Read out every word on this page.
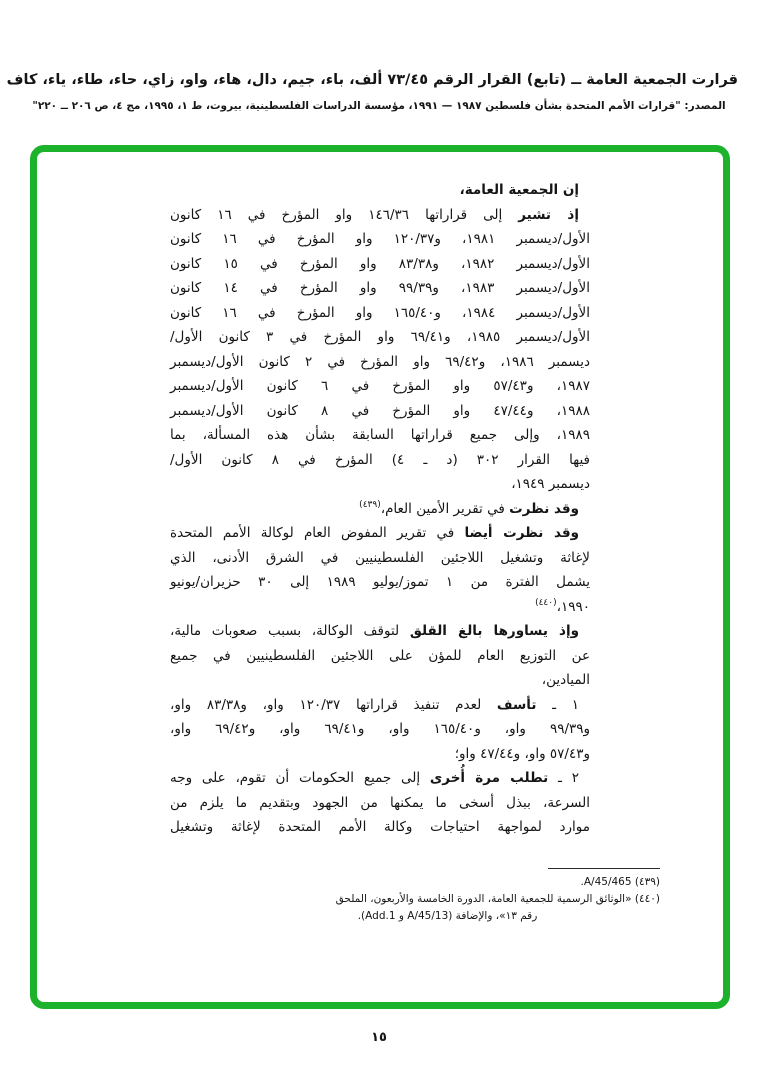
قرارت الجمعية العامة ــ (تابع) القرار الرقم ٧٣/٤٥ ألف، باء، جيم، دال، هاء، واو، زاي، حاء، طاء، ياء، كاف
المصدر: "قرارات الأمم المتحدة بشأن فلسطين ١٩٨٧ — ١٩٩١، مؤسسة الدراسات الفلسطينية، بيروت، ط ١، ١٩٩٥، مج ٤، ص ٢٠٦ ــ ٢٢٠"
إن الجمعية العامة،
إذ تشير إلى قراراتها ١٤٦/٣٦ واو المؤرخ في ١٦ كانون
الأول/ديسمبر ١٩٨١، و١٢٠/٣٧ واو المؤرخ في ١٦ كانون
الأول/ديسمبر ١٩٨٢، و٨٣/٣٨ واو المؤرخ في ١٥ كانون
الأول/ديسمبر ١٩٨٣، و٩٩/٣٩ واو المؤرخ في ١٤ كانون
الأول/ديسمبر ١٩٨٤، و١٦٥/٤٠ واو المؤرخ في ١٦ كانون
الأول/ديسمبر ١٩٨٥، و٦٩/٤١ واو المؤرخ في ٣ كانون الأول/
ديسمبر ١٩٨٦، و٦٩/٤٢ واو المؤرخ في ٢ كانون الأول/ديسمبر
١٩٨٧، و٥٧/٤٣ واو المؤرخ في ٦ كانون الأول/ديسمبر
١٩٨٨، و٤٧/٤٤ واو المؤرخ في ٨ كانون الأول/ديسمبر
١٩٨٩، وإلى جميع قراراتها السابقة بشأن هذه المسألة، بما
فيها القرار ٣٠٢ (د ـ ٤) المؤرخ في ٨ كانون الأول/
ديسمبر ١٩٤٩،
وقد نظرت في تقرير الأمين العام،$^{(٤٣٩)}$
وقد نظرت أيضا في تقرير المفوض العام لوكالة الأمم المتحدة
لإغاثة وتشغيل اللاجئين الفلسطينيين في الشرق الأدنى، الذي
يشمل الفترة من ١ تموز/يوليو ١٩٨٩ إلى ٣٠ حزيران/يونيو
١٩٩٠،$^{(٤٤٠)}$
وإذ يساورها بالغ القلق لتوقف الوكالة، بسبب صعوبات مالية،
عن التوزيع العام للمؤن على اللاجئين الفلسطينيين في جميع
الميادين،
١ ـ تأسف لعدم تنفيذ قراراتها ١٢٠/٣٧ واو، و٨٣/٣٨ واو،
و٩٩/٣٩ واو، و١٦٥/٤٠ واو، و٦٩/٤١ واو، و٦٩/٤٢ واو،
و٥٧/٤٣ واو، و٤٧/٤٤ واو؛
٢ ـ تطلب مرة أُخرى إلى جميع الحكومات أن تقوم، على وجه
السرعة، ببذل أسخى ما يمكنها من الجهود وبتقديم ما يلزم من
موارد لمواجهة احتياجات وكالة الأمم المتحدة لإغاثة وتشغيل
(٤٣٩) A/45/465.
(٤٤٠) «الوثائق الرسمية للجمعية العامة، الدورة الخامسة والأربعون، الملحق
رقم ١٣»، والإضافة (A/45/13 و Add.1).
١٥
